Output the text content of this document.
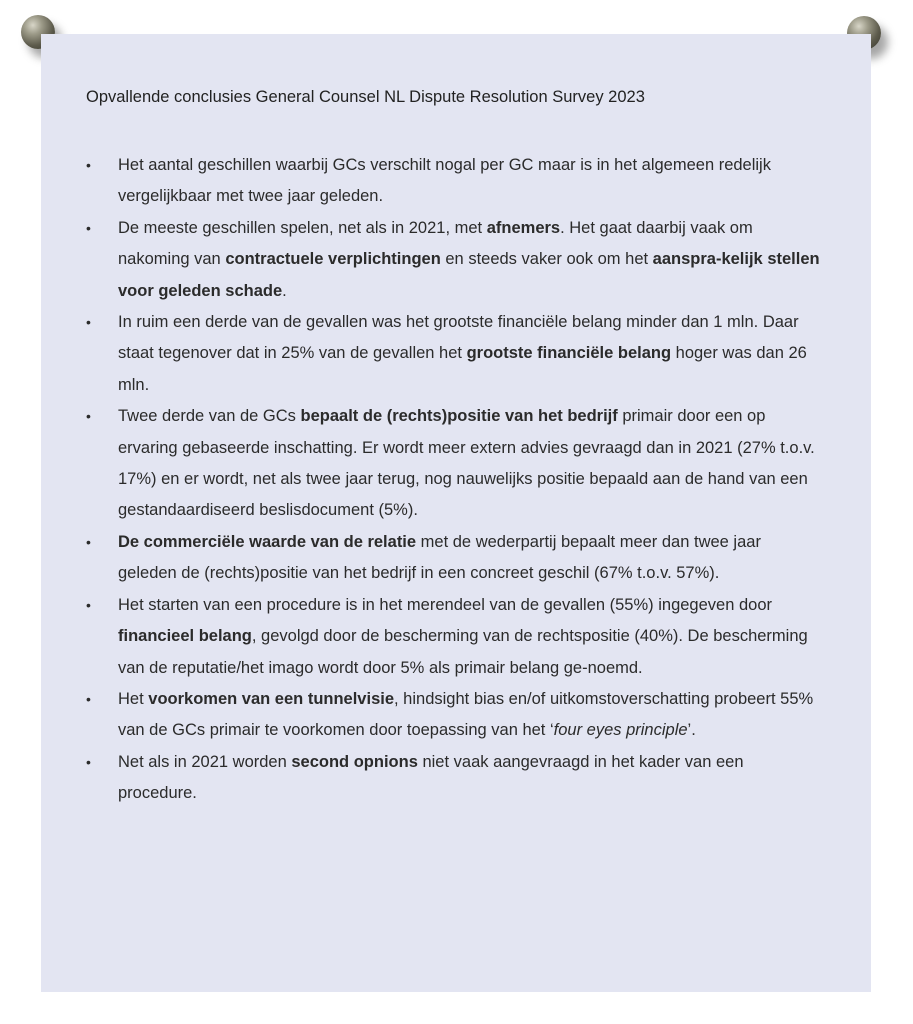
Opvallende conclusies General Counsel NL Dispute Resolution Survey 2023
• Het aantal geschillen waarbij GCs verschilt nogal per GC maar is in het algemeen redelijk vergelijkbaar met twee jaar geleden.
• De meeste geschillen spelen, net als in 2021, met afnemers. Het gaat daarbij vaak om nakoming van contractuele verplichtingen en steeds vaker ook om het aanspra-kelijk stellen voor geleden schade.
• In ruim een derde van de gevallen was het grootste financiële belang minder dan 1 mln. Daar staat tegenover dat in 25% van de gevallen het grootste financiële belang hoger was dan 26 mln.
• Twee derde van de GCs bepaalt de (rechts)positie van het bedrijf primair door een op ervaring gebaseerde inschatting. Er wordt meer extern advies gevraagd dan in 2021 (27% t.o.v. 17%) en er wordt, net als twee jaar terug, nog nauwelijks positie bepaald aan de hand van een gestandaardiseerd beslisdocument (5%).
• De commerciële waarde van de relatie met de wederpartij bepaalt meer dan twee jaar geleden de (rechts)positie van het bedrijf in een concreet geschil (67% t.o.v. 57%).
• Het starten van een procedure is in het merendeel van de gevallen (55%) ingegeven door financieel belang, gevolgd door de bescherming van de rechtspositie (40%). De bescherming van de reputatie/het imago wordt door 5% als primair belang ge-noemd.
• Het voorkomen van een tunnelvisie, hindsight bias en/of uitkomstoverschatting probeert 55% van de GCs primair te voorkomen door toepassing van het ‘four eyes principle’.
• Net als in 2021 worden second opnions niet vaak aangevraagd in het kader van een procedure.
